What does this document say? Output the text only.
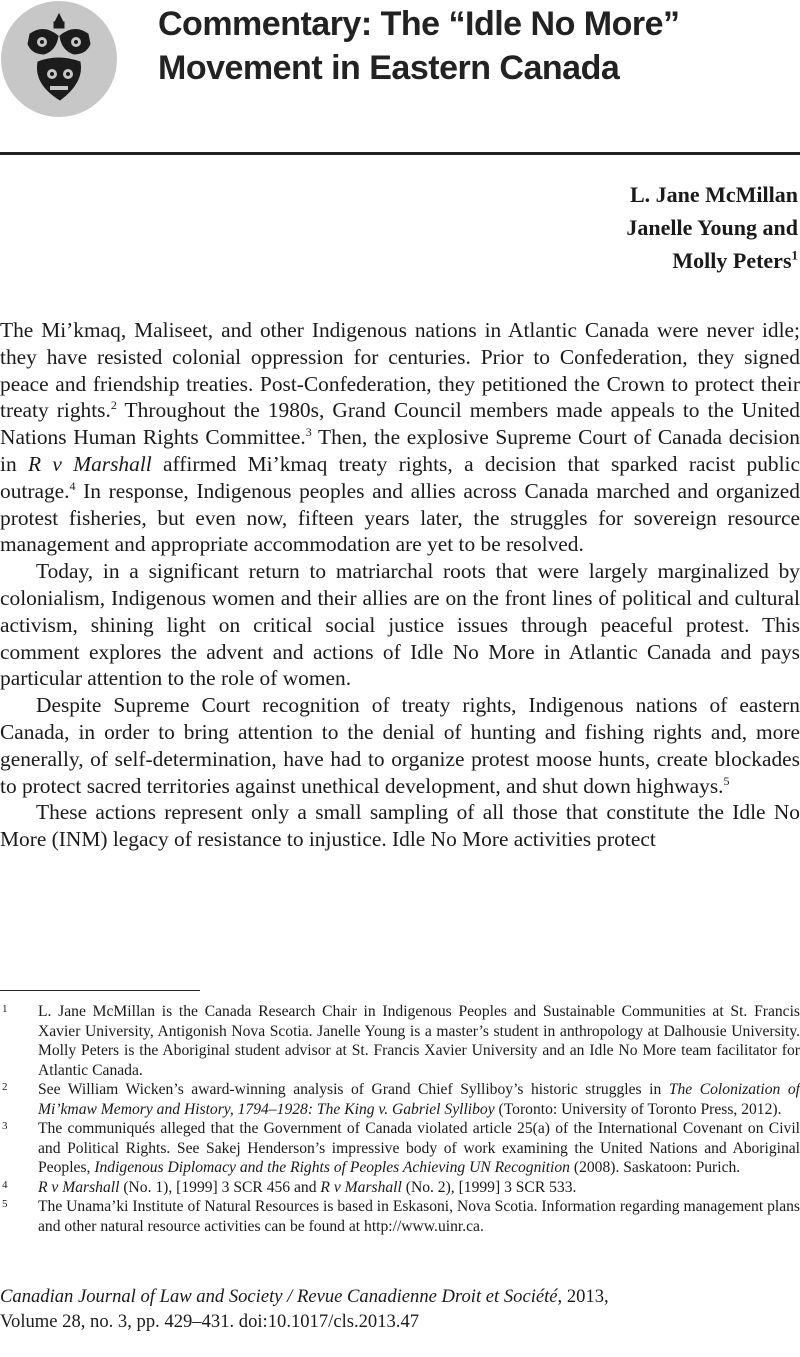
Commentary: The “Idle No More” Movement in Eastern Canada
L. Jane McMillan
Janelle Young and
Molly Peters$^1$

The Mi’kmaq, Maliseet, and other Indigenous nations in Atlantic Canada were never idle; they have resisted colonial oppression for centuries. Prior to Confederation, they signed peace and friendship treaties. Post-Confederation, they petitioned the Crown to protect their treaty rights.$^2$ Throughout the 1980s, Grand Council members made appeals to the United Nations Human Rights Committee.$^3$ Then, the explosive Supreme Court of Canada decision in R v Marshall affirmed Mi’kmaq treaty rights, a decision that sparked racist public outrage.$^4$ In response, Indigenous peoples and allies across Canada marched and organized protest fisheries, but even now, fifteen years later, the struggles for sovereign resource management and appropriate accommodation are yet to be resolved.

Today, in a significant return to matriarchal roots that were largely marginalized by colonialism, Indigenous women and their allies are on the front lines of political and cultural activism, shining light on critical social justice issues through peaceful protest. This comment explores the advent and actions of Idle No More in Atlantic Canada and pays particular attention to the role of women.

Despite Supreme Court recognition of treaty rights, Indigenous nations of eastern Canada, in order to bring attention to the denial of hunting and fishing rights and, more generally, of self-determination, have had to organize protest moose hunts, create blockades to protect sacred territories against unethical development, and shut down highways.$^5$

These actions represent only a small sampling of all those that constitute the Idle No More (INM) legacy of resistance to injustice. Idle No More activities protect

1 L. Jane McMillan is the Canada Research Chair in Indigenous Peoples and Sustainable Communities at St. Francis Xavier University, Antigonish Nova Scotia. Janelle Young is a master’s student in anthropology at Dalhousie University. Molly Peters is the Aboriginal student advisor at St. Francis Xavier University and an Idle No More team facilitator for Atlantic Canada.
2 See William Wicken’s award-winning analysis of Grand Chief Sylliboy’s historic struggles in The Colonization of Mi’kmaw Memory and History, 1794–1928: The King v. Gabriel Sylliboy (Toronto: University of Toronto Press, 2012).
3 The communiqués alleged that the Government of Canada violated article 25(a) of the International Covenant on Civil and Political Rights. See Sakej Henderson’s impressive body of work examining the United Nations and Aboriginal Peoples, Indigenous Diplomacy and the Rights of Peoples Achieving UN Recognition (2008). Saskatoon: Purich.
4 R v Marshall (No. 1), [1999] 3 SCR 456 and R v Marshall (No. 2), [1999] 3 SCR 533.
5 The Unama’ki Institute of Natural Resources is based in Eskasoni, Nova Scotia. Information regarding management plans and other natural resource activities can be found at http://www.uinr.ca.
Canadian Journal of Law and Society / Revue Canadienne Droit et Société, 2013,
Volume 28, no. 3, pp. 429–431. doi:10.1017/cls.2013.47
